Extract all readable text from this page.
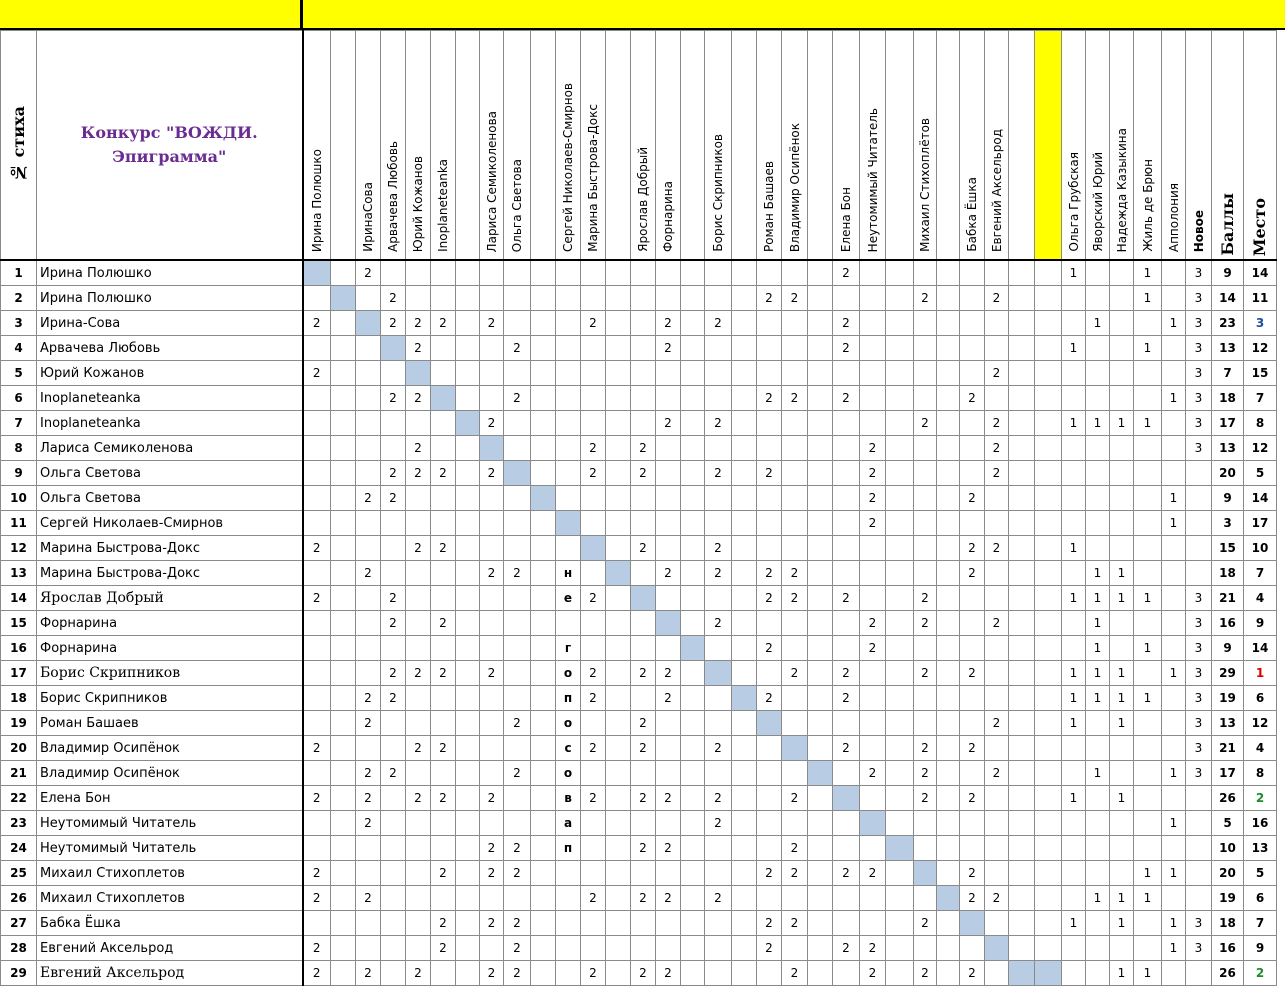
№ стиха	Конкурс "ВОЖДИ. Эпиграмма"	Ирина Полюшко		ИринаСова	Арвачева Любовь	Юрий Кожанов	Inoplaneteanka		Лариса Семиколенова	Ольга Светова		Сергей Николаев-Смирнов	Марина Быстрова-Докс		Ярослав Добрый	Форнарина		Борис Скрипников		Роман Башаев	Владимир Осипёнок		Елена Бон	Неутомимый Читатель		Михаил Стихоплётов		Бабка Ёшка	Евгений Аксельрод			Ольга Грубская	Яворский Юрий	Надежда Казыкина	Жиль де Брюн	Апполония	Новое	Баллы	Место
1	Ирина Полюшко			2																			2									1			1		3	9	14
2	Ирина Полюшко				2															2	2					2			2						1		3	14	11
3	Ирина-Сова	2			2	2	2		2				2			2		2					2										1			1	3	23	3
4	Арвачева Любовь					2				2						2							2									1			1		3	13	12
5	Юрий Кожанов	2																											2								3	7	15
6	Inoplaneteanka				2	2				2										2	2		2					2								1	3	18	7
7	Inoplaneteanka								2							2		2								2			2			1	1	1	1		3	17	8
8	Лариса Семиколенова					2							2		2									2					2								3	13	12
9	Ольга Светова				2	2	2		2				2		2			2		2				2					2									20	5
10	Ольга Светова			2	2																			2				2								1		9	14
11	Сергей Николаев-Смирнов																							2												1		3	17
12	Марина Быстрова-Докс	2				2	2								2			2										2	2			1						15	10
13	Марина Быстрова-Докс			2					2	2		н				2		2		2	2							2					1	1				18	7
14	Ярослав Добрый	2			2							е	2							2	2		2			2						1	1	1	1		3	21	4
15	Форнарина				2		2											2						2		2			2				1				3	16	9
16	Форнарина											г								2				2									1		1		3	9	14
17	Борис Скрипников				2	2	2		2			о	2		2	2					2		2			2		2				1	1	1		1	3	29	1
18	Борис Скрипников			2	2							п	2			2				2			2									1	1	1	1		3	19	6
19	Роман Башаев			2						2		о			2														2			1		1			3	13	12
20	Владимир Осипёнок	2				2	2					с	2		2			2					2			2		2									3	21	4
21	Владимир Осипёнок			2	2					2		о												2		2			2				1			1	3	17	8
22	Елена Бон	2		2		2	2		2			в	2		2	2		2			2					2		2				1		1				26	2
23	Неутомимый Читатель			2								а						2																		1		5	16
24	Неутомимый Читатель								2	2		п			2	2					2																	10	13
25	Михаил Стихоплетов	2					2		2	2										2	2		2	2				2							1	1		20	5
26	Михаил Стихоплетов	2		2									2		2	2		2										2	2				1	1	1			19	6
27	Бабка Ёшка						2		2	2										2	2					2						1		1		1	3	18	7
28	Евгений Аксельрод	2					2			2										2			2	2												1	3	16	9
29	Евгений Аксельрод	2		2		2			2	2			2		2	2					2			2		2		2						1	1			26	2
